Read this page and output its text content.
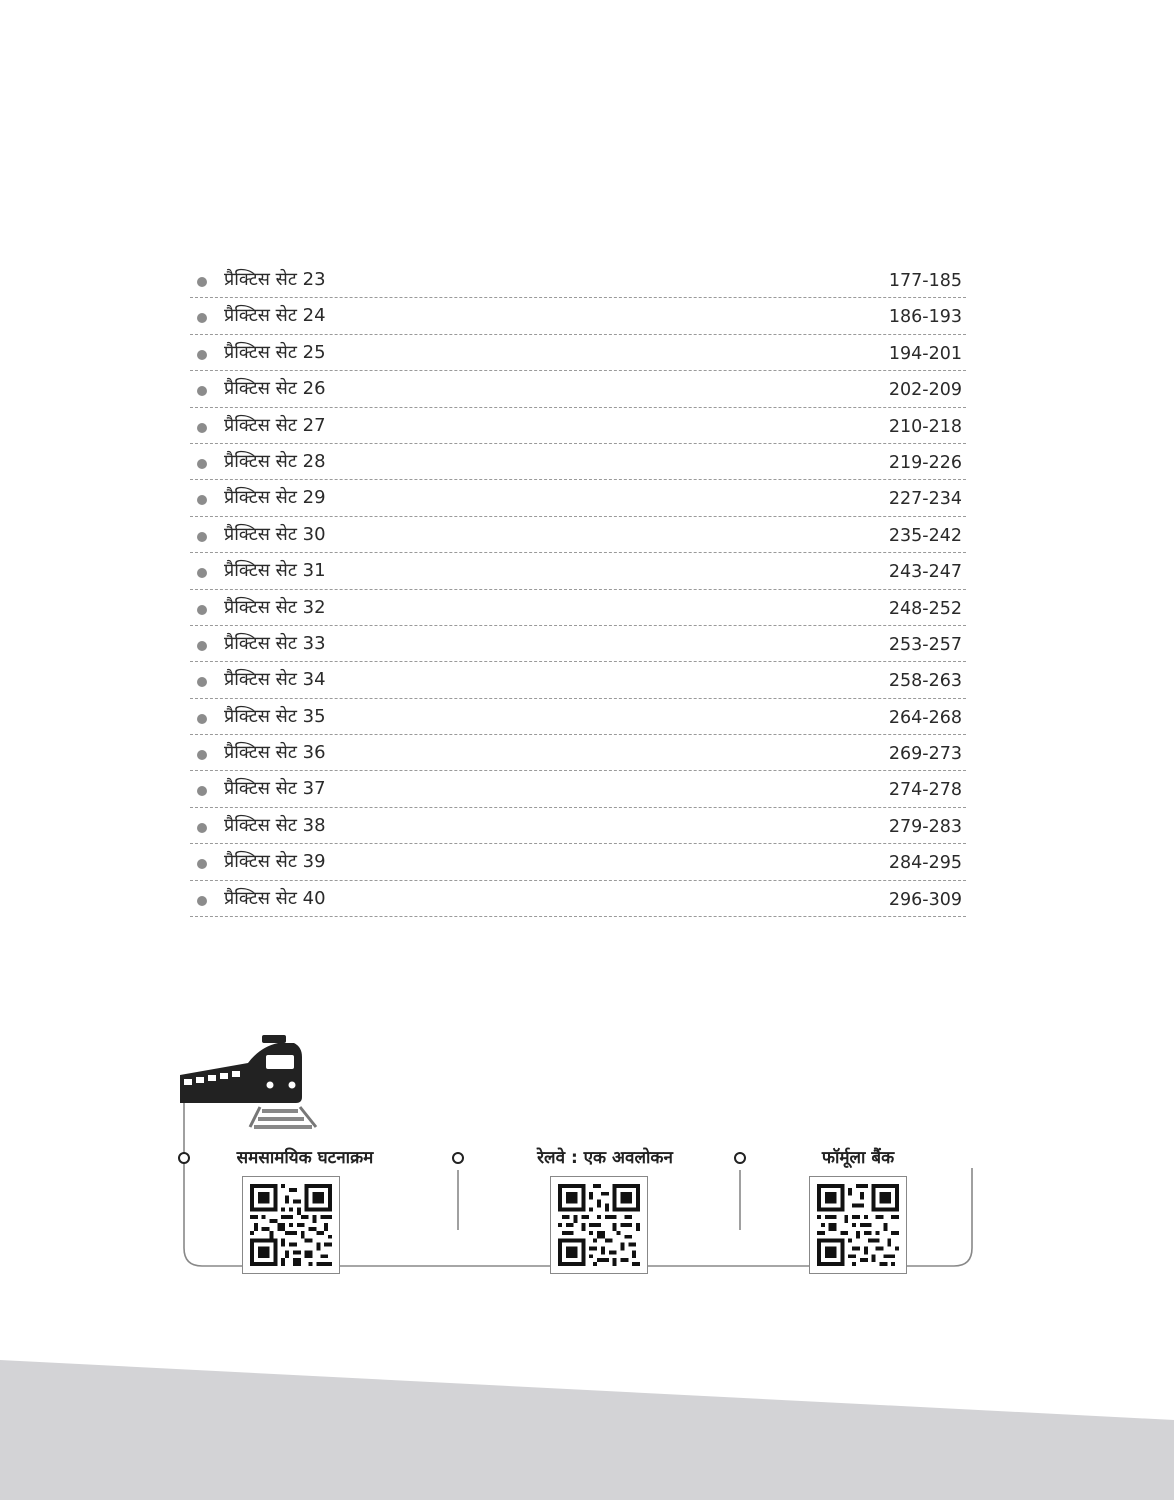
प्रैक्टिस सेट 23	177-185
प्रैक्टिस सेट 24	186-193
प्रैक्टिस सेट 25	194-201
प्रैक्टिस सेट 26	202-209
प्रैक्टिस सेट 27	210-218
प्रैक्टिस सेट 28	219-226
प्रैक्टिस सेट 29	227-234
प्रैक्टिस सेट 30	235-242
प्रैक्टिस सेट 31	243-247
प्रैक्टिस सेट 32	248-252
प्रैक्टिस सेट 33	253-257
प्रैक्टिस सेट 34	258-263
प्रैक्टिस सेट 35	264-268
प्रैक्टिस सेट 36	269-273
प्रैक्टिस सेट 37	274-278
प्रैक्टिस सेट 38	279-283
प्रैक्टिस सेट 39	284-295
प्रैक्टिस सेट 40	296-309
समसामयिक घटनाक्रम	रेलवे : एक अवलोकन	फॉर्मूला बैंक
